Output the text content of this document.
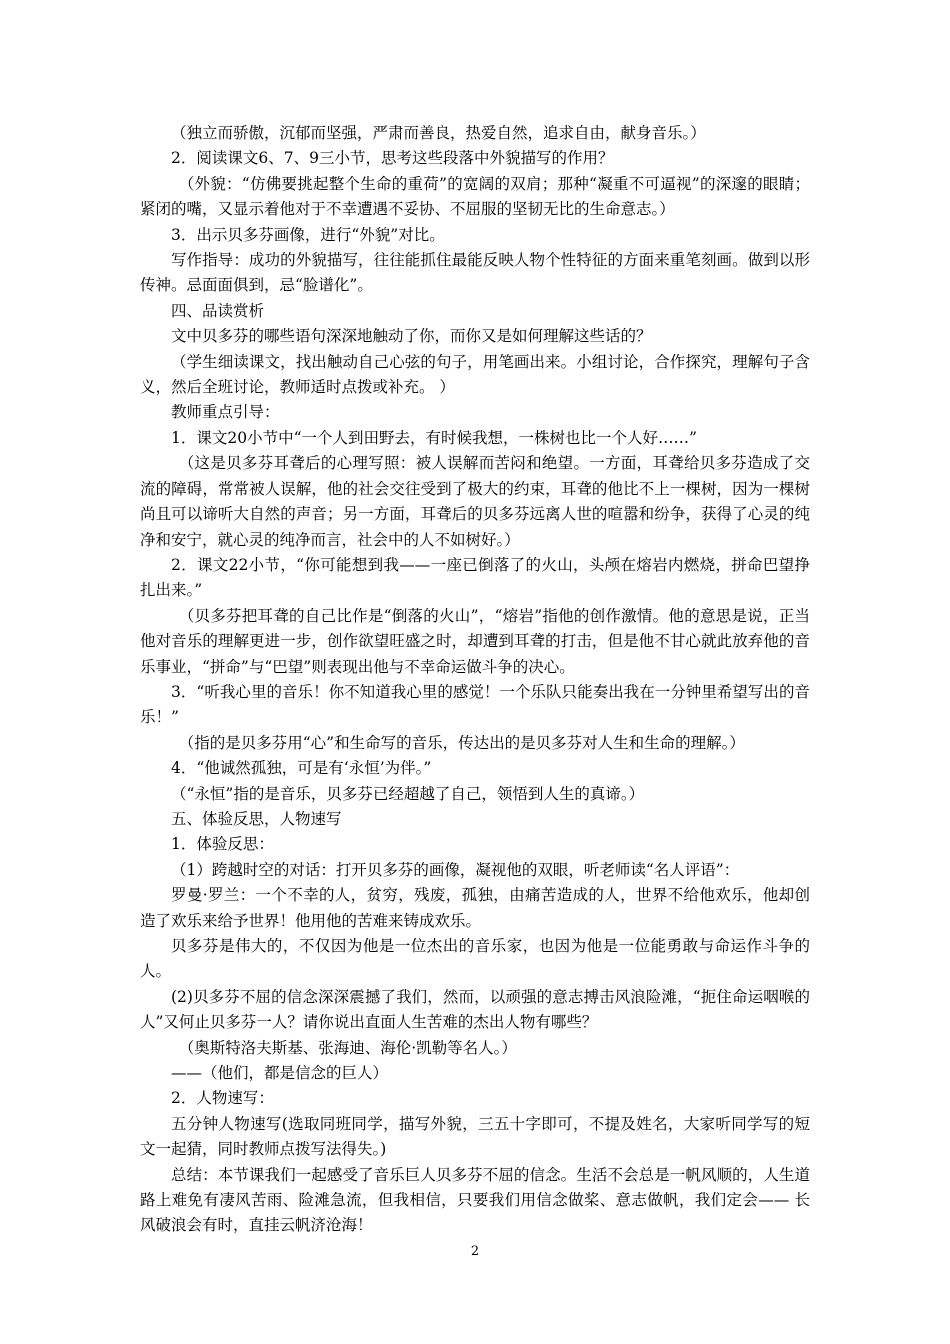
（独立而骄傲，沉郁而坚强，严肃而善良，热爱自然，追求自由，献身音乐。）

2．阅读课文6、7、9三小节，思考这些段落中外貌描写的作用？

（外貌：“仿佛要挑起整个生命的重荷”的宽阔的双肩；那种“凝重不可逼视”的深邃的眼睛；紧闭的嘴，又显示着他对于不幸遭遇不妥协、不屈服的坚韧无比的生命意志。）

3．出示贝多芬画像，进行“外貌”对比。

写作指导：成功的外貌描写，往往能抓住最能反映人物个性特征的方面来重笔刻画。做到以形传神。忌面面俱到，忌“脸谱化”。

四、品读赏析

文中贝多芬的哪些语句深深地触动了你，而你又是如何理解这些话的？

（学生细读课文，找出触动自己心弦的句子，用笔画出来。小组讨论，合作探究，理解句子含义，然后全班讨论，教师适时点拨或补充。 ）

教师重点引导：

1．课文20小节中“一个人到田野去，有时候我想，一株树也比一个人好……”

（这是贝多芬耳聋后的心理写照：被人误解而苦闷和绝望。一方面，耳聋给贝多芬造成了交流的障碍，常常被人误解，他的社会交往受到了极大的约束，耳聋的他比不上一棵树，因为一棵树尚且可以谛听大自然的声音；另一方面，耳聋后的贝多芬远离人世的喧嚣和纷争，获得了心灵的纯净和安宁，就心灵的纯净而言，社会中的人不如树好。）

2．课文22小节，“你可能想到我——一座已倒落了的火山，头颅在熔岩内燃烧，拼命巴望挣扎出来。”

（贝多芬把耳聋的自己比作是“倒落的火山”，“熔岩”指他的创作激情。他的意思是说，正当他对音乐的理解更进一步，创作欲望旺盛之时，却遭到耳聋的打击，但是他不甘心就此放弃他的音乐事业，“拼命”与“巴望”则表现出他与不幸命运做斗争的决心。

3．“听我心里的音乐！你不知道我心里的感觉！一个乐队只能奏出我在一分钟里希望写出的音乐！”

（指的是贝多芬用“心”和生命写的音乐，传达出的是贝多芬对人生和生命的理解。）

4．“他诚然孤独，可是有‘永恒’为伴。”

（“永恒”指的是音乐，贝多芬已经超越了自己，领悟到人生的真谛。）

五、体验反思，人物速写

1．体验反思：

（1）跨越时空的对话：打开贝多芬的画像，凝视他的双眼，听老师读“名人评语”：

罗曼·罗兰：一个不幸的人，贫穷，残废，孤独，由痛苦造成的人，世界不给他欢乐，他却创造了欢乐来给予世界！他用他的苦难来铸成欢乐。

贝多芬是伟大的，不仅因为他是一位杰出的音乐家，也因为他是一位能勇敢与命运作斗争的人。

(2)贝多芬不屈的信念深深震撼了我们，然而，以顽强的意志搏击风浪险滩，“扼住命运咽喉的人”又何止贝多芬一人？请你说出直面人生苦难的杰出人物有哪些？

（奥斯特洛夫斯基、张海迪、海伦·凯勒等名人。）

——（他们，都是信念的巨人）

2．人物速写：

五分钟人物速写(选取同班同学，描写外貌，三五十字即可，不提及姓名，大家听同学写的短文一起猜，同时教师点拨写法得失。)

总结：本节课我们一起感受了音乐巨人贝多芬不屈的信念。生活不会总是一帆风顺的，人生道路上难免有凄风苦雨、险滩急流，但我相信，只要我们用信念做桨、意志做帆，我们定会—— 长风破浪会有时，直挂云帆济沧海！

2
